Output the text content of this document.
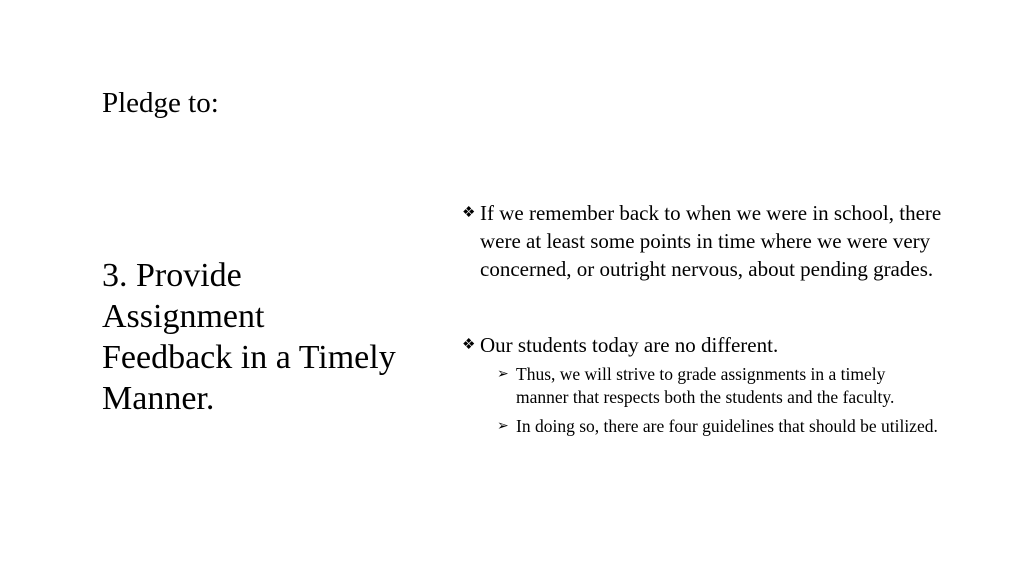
Pledge to:
3. Provide Assignment Feedback in a Timely Manner.
❖ If we remember back to when we were in school, there were at least some points in time where we were very concerned, or outright nervous, about pending grades.
❖ Our students today are no different.
➢ Thus, we will strive to grade assignments in a timely manner that respects both the students and the faculty.
➢ In doing so, there are four guidelines that should be utilized.
